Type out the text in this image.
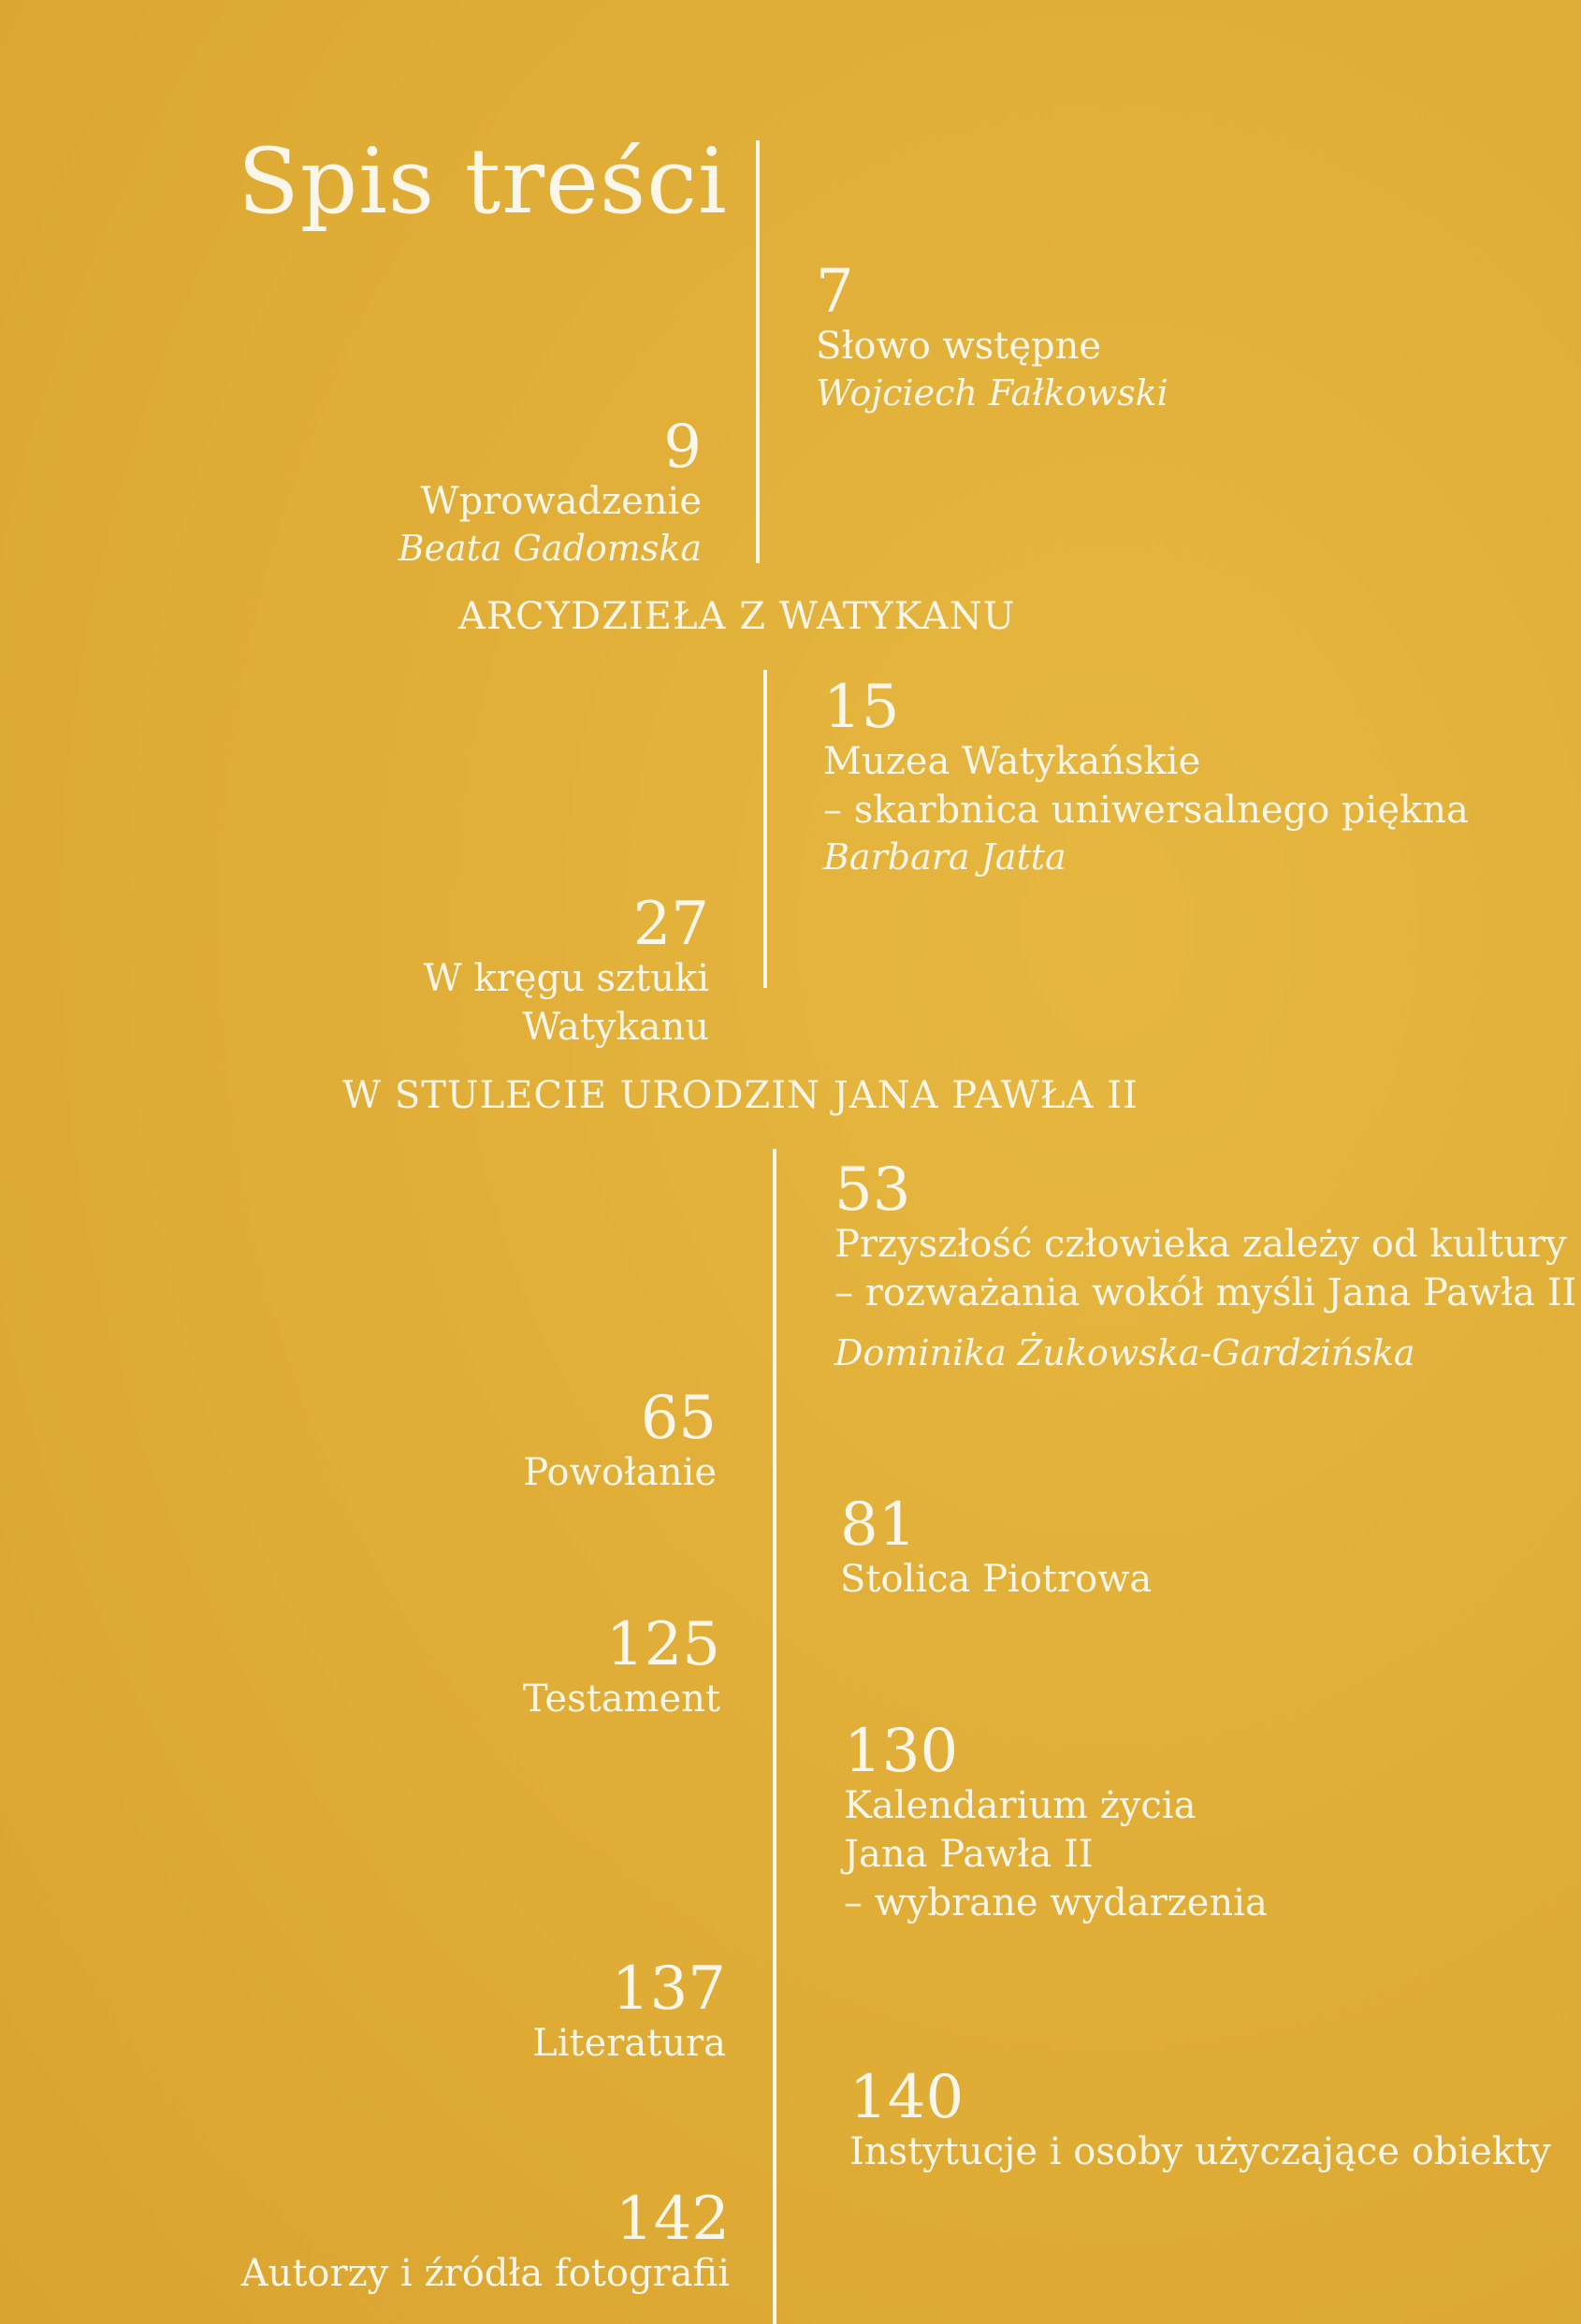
Spis treści
7
Słowo wstępne
Wojciech Fałkowski
9
Wprowadzenie
Beata Gadomska
ARCYDZIEŁA Z WATYKANU
15
Muzea Watykańskie
– skarbnica uniwersalnego piękna
Barbara Jatta
27
W kręgu sztuki
Watykanu
W STULECIE URODZIN JANA PAWŁA II
53
Przyszłość człowieka zależy od kultury
– rozważania wokół myśli Jana Pawła II
Dominika Żukowska-Gardzińska
65
Powołanie
81
Stolica Piotrowa
125
Testament
130
Kalendarium życia
Jana Pawła II
– wybrane wydarzenia
137
Literatura
140
Instytucje i osoby użyczające obiekty
142
Autorzy i źródła fotografii
